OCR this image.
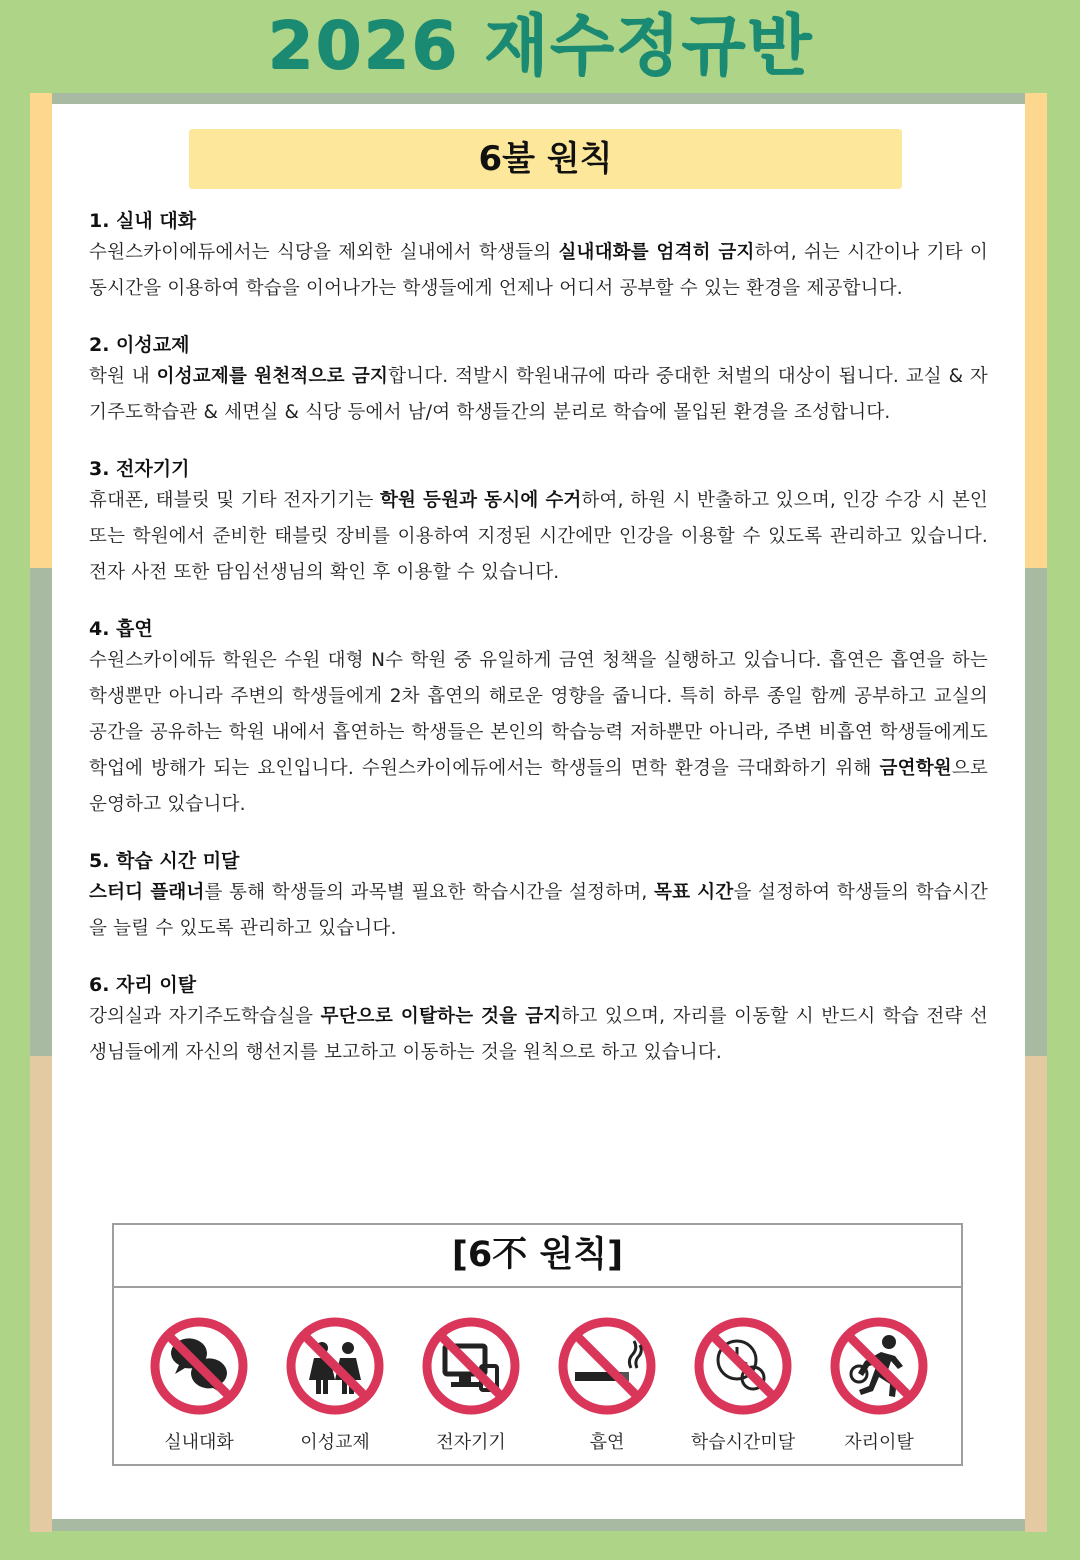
2026 재수정규반
6불 원칙
1. 실내 대화
수원스카이에듀에서는 식당을 제외한 실내에서 학생들의 실내대화를 엄격히 금지하여, 쉬는 시간이나 기타 이동시간을 이용하여 학습을 이어나가는 학생들에게 언제나 어디서 공부할 수 있는 환경을 제공합니다.
2. 이성교제
학원 내 이성교제를 원천적으로 금지합니다. 적발시 학원내규에 따라 중대한 처벌의 대상이 됩니다. 교실 & 자기주도학습관 & 세면실 & 식당 등에서 남/여 학생들간의 분리로 학습에 몰입된 환경을 조성합니다.
3. 전자기기
휴대폰, 태블릿 및 기타 전자기기는 학원 등원과 동시에 수거하여, 하원 시 반출하고 있으며, 인강 수강 시 본인 또는 학원에서 준비한 태블릿 장비를 이용하여 지정된 시간에만 인강을 이용할 수 있도록 관리하고 있습니다. 전자 사전 또한 담임선생님의 확인 후 이용할 수 있습니다.
4. 흡연
수원스카이에듀 학원은 수원 대형 N수 학원 중 유일하게 금연 청책을 실행하고 있습니다. 흡연은 흡연을 하는 학생뿐만 아니라 주변의 학생들에게 2차 흡연의 해로운 영향을 줍니다. 특히 하루 종일 함께 공부하고 교실의 공간을 공유하는 학원 내에서 흡연하는 학생들은 본인의 학습능력 저하뿐만 아니라, 주변 비흡연 학생들에게도 학업에 방해가 되는 요인입니다. 수원스카이에듀에서는 학생들의 면학 환경을 극대화하기 위해 금연학원으로 운영하고 있습니다.
5. 학습 시간 미달
스터디 플래너를 통해 학생들의 과목별 필요한 학습시간을 설정하며, 목표 시간을 설정하여 학생들의 학습시간을 늘릴 수 있도록 관리하고 있습니다.
6. 자리 이탈
강의실과 자기주도학습실을 무단으로 이탈하는 것을 금지하고 있으며, 자리를 이동할 시 반드시 학습 전략 선생님들에게 자신의 행선지를 보고하고 이동하는 것을 원칙으로 하고 있습니다.
[6不 원칙]
실내대화	이성교제	전자기기	흡연	학습시간미달	자리이탈
